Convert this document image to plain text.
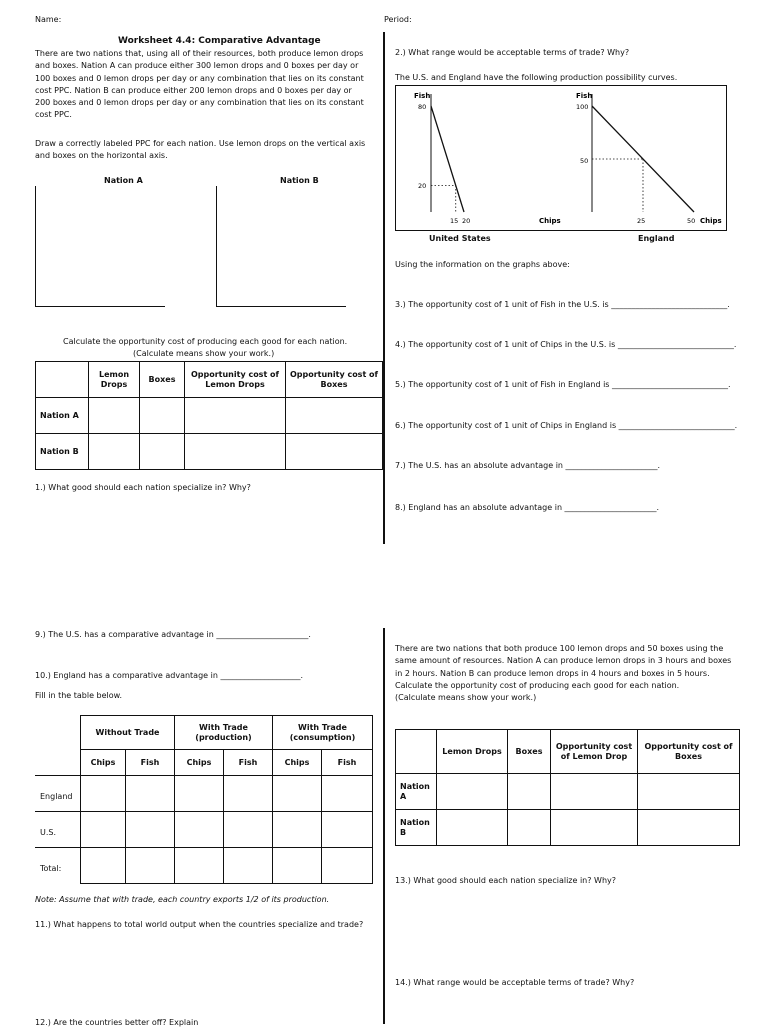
Name:	Period:
Worksheet 4.4: Comparative Advantage
There are two nations that, using all of their resources, both produce lemon drops and boxes. Nation A can produce either 300 lemon drops and 0 boxes per day or 100 boxes and 0 lemon drops per day or any combination that lies on its constant cost PPC. Nation B can produce either 200 lemon drops and 0 boxes per day or 200 boxes and 0 lemon drops per day or any combination that lies on its constant cost PPC.
Draw a correctly labeled PPC for each nation. Use lemon drops on the vertical axis and boxes on the horizontal axis.
Nation A	Nation B
Calculate the opportunity cost of producing each good for each nation.
(Calculate means show your work.)
	Lemon Drops	Boxes	Opportunity cost of Lemon Drops	Opportunity cost of Boxes
Nation A				
Nation B				
1.) What good should each nation specialize in? Why?
2.) What range would be acceptable terms of trade? Why?
The U.S. and England have the following production possibility curves.
Fish
80
20
15 20	Chips
Fish
100
50
25	50 Chips
United States	England
Using the information on the graphs above:
3.) The opportunity cost of 1 unit of Fish in the U.S. is _____________________________.
4.) The opportunity cost of 1 unit of Chips in the U.S. is _____________________________.
5.) The opportunity cost of 1 unit of Fish in England is _____________________________.
6.) The opportunity cost of 1 unit of Chips in England is _____________________________.
7.) The U.S. has an absolute advantage in _______________________.
8.) England has an absolute advantage in _______________________.
9.) The U.S. has a comparative advantage in _______________________.
10.) England has a comparative advantage in ____________________.
Fill in the table below.
Without Trade		With Trade (production)		With Trade (consumption)	
Chips	Fish	Chips	Fish	Chips	Fish

England
U.S.
Total:
Note: Assume that with trade, each country exports 1/2 of its production.
11.) What happens to total world output when the countries specialize and trade?
12.) Are the countries better off? Explain
There are two nations that both produce 100 lemon drops and 50 boxes using the same amount of resources. Nation A can produce lemon drops in 3 hours and boxes in 2 hours. Nation B can produce lemon drops in 4 hours and boxes in 5 hours. Calculate the opportunity cost of producing each good for each nation.
(Calculate means show your work.)
	Lemon Drops	Boxes	Opportunity cost of Lemon Drop	Opportunity cost of Boxes
Nation A				
Nation B				
13.) What good should each nation specialize in? Why?
14.) What range would be acceptable terms of trade? Why?
